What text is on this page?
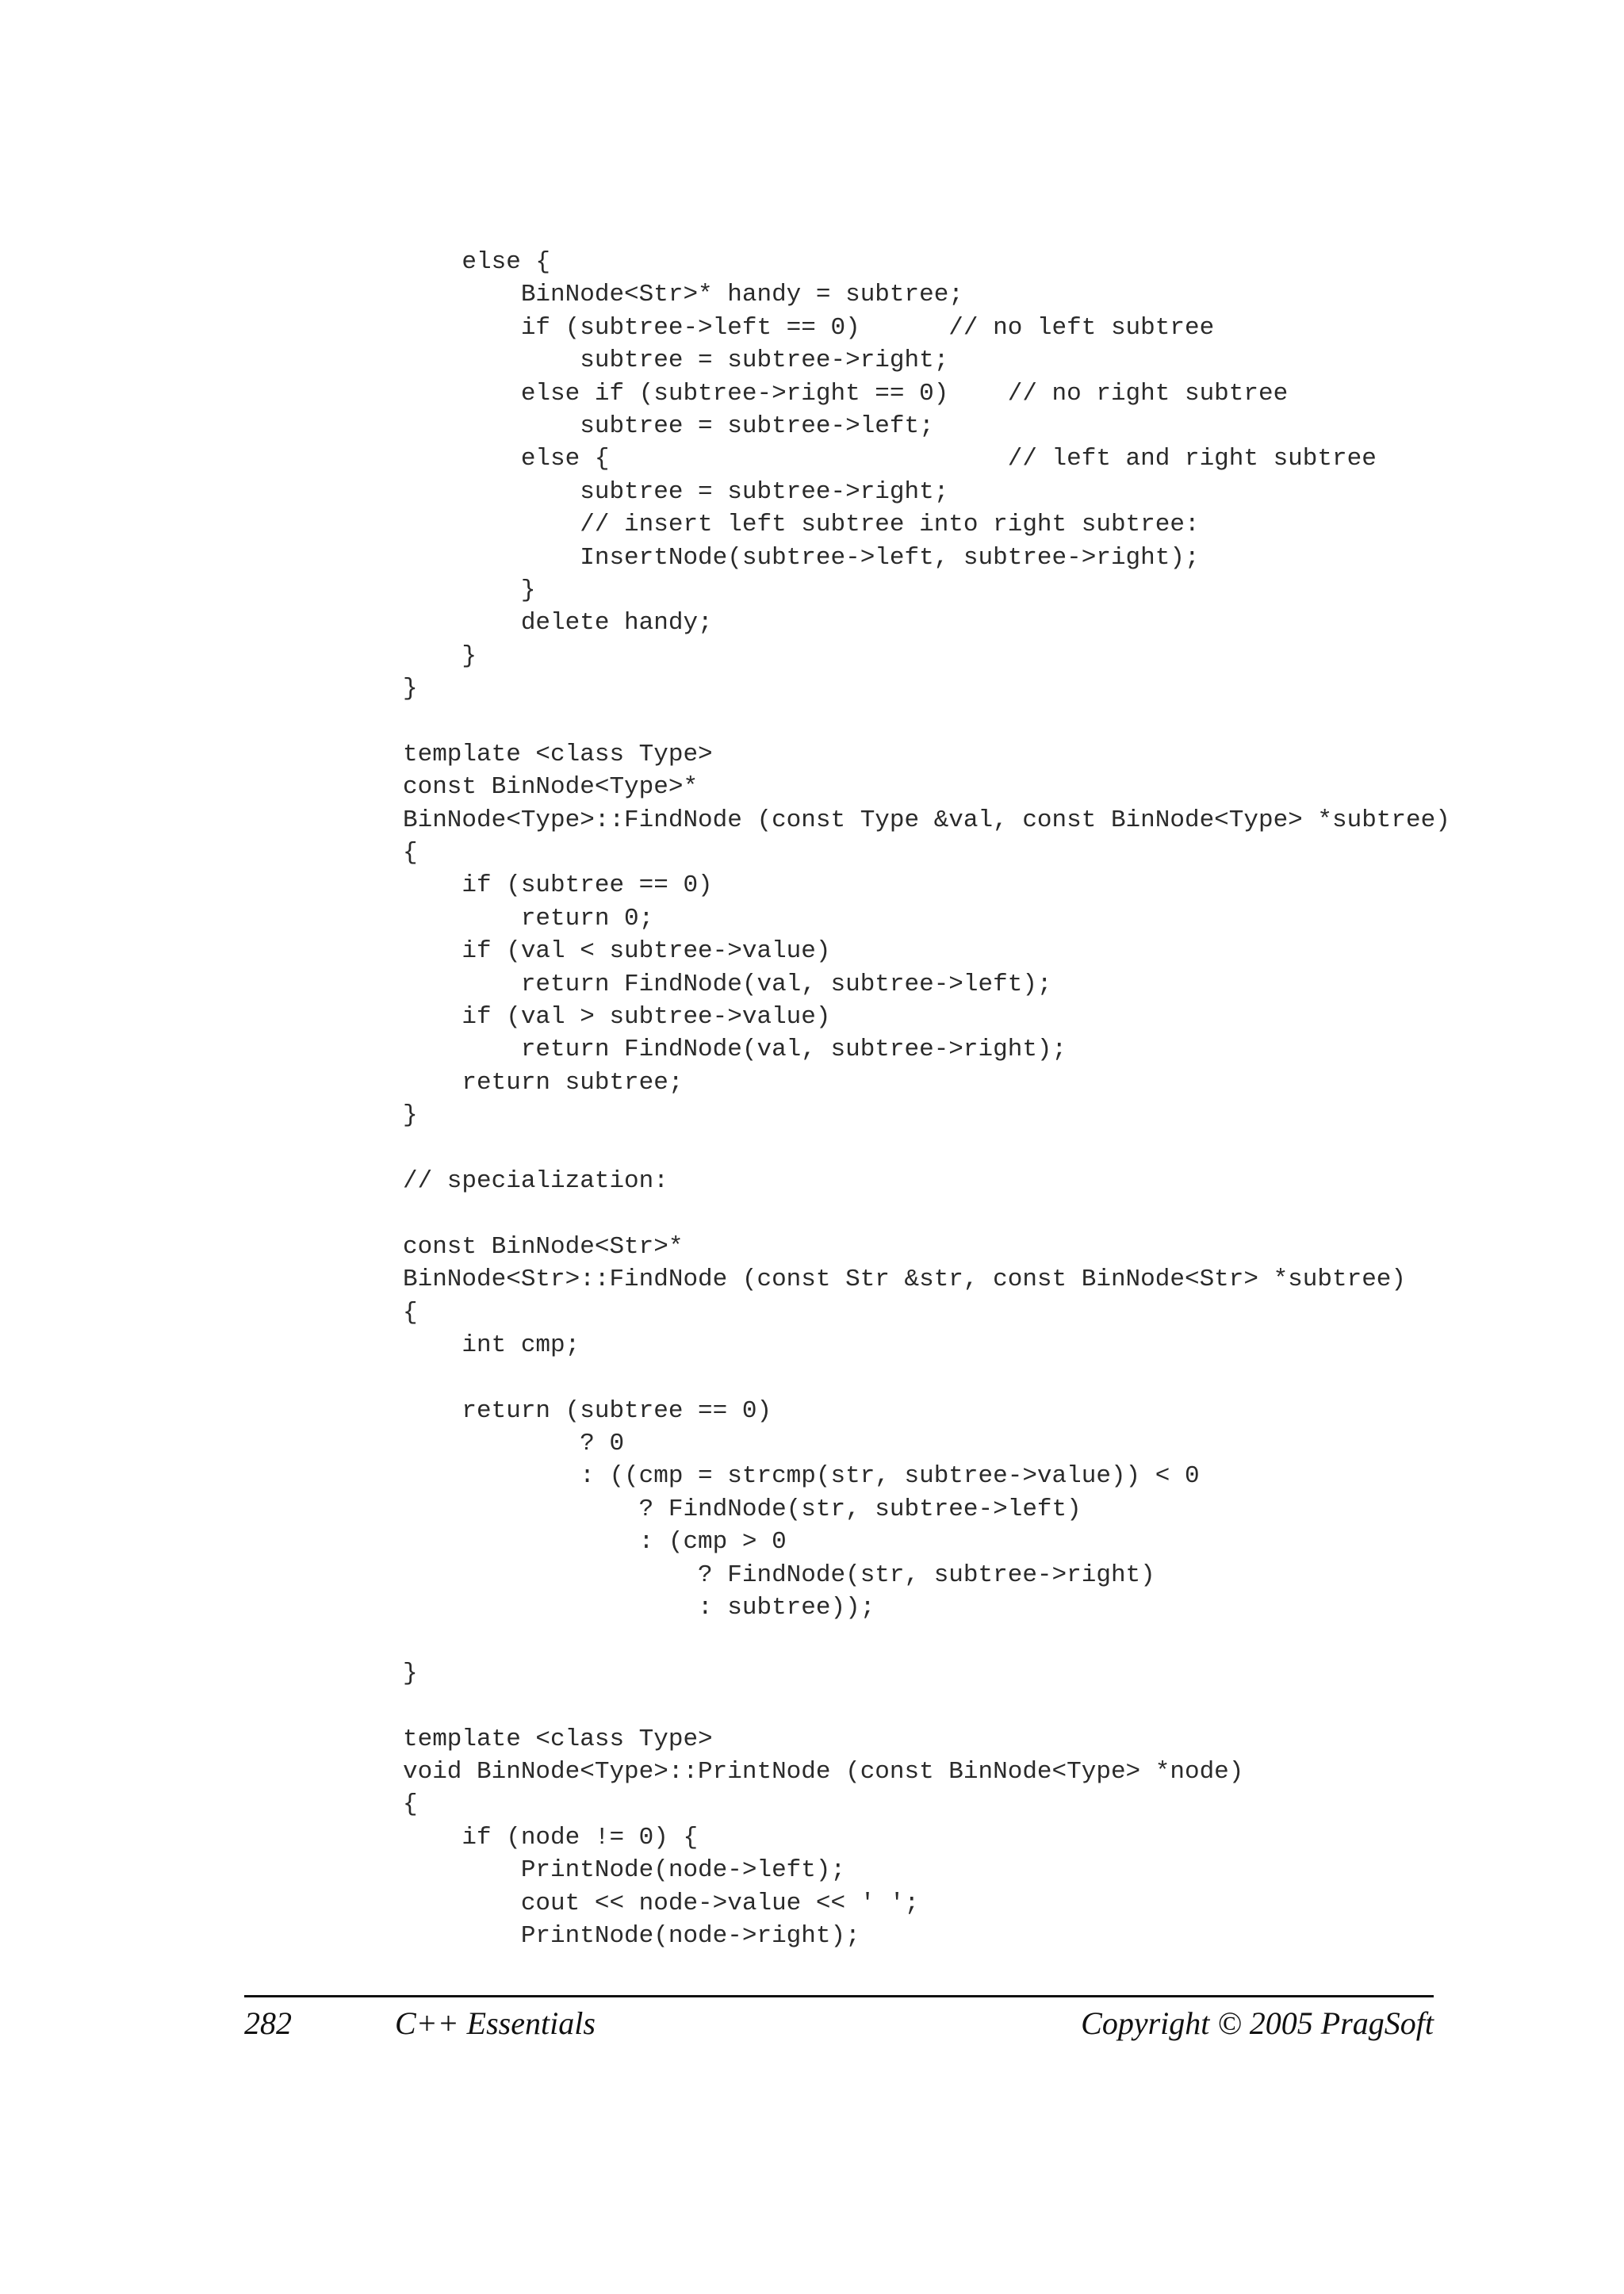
else {
BinNode<Str>* handy = subtree;
if (subtree->left == 0)      // no left subtree
subtree = subtree->right;
else if (subtree->right == 0)    // no right subtree
subtree = subtree->left;
else {                           // left and right subtree
subtree = subtree->right;
// insert left subtree into right subtree:
InsertNode(subtree->left, subtree->right);
}
delete handy;
}
}
template <class Type>
const BinNode<Type>*
BinNode<Type>::FindNode (const Type &val, const BinNode<Type> *subtree)
{
if (subtree == 0)
return 0;
if (val < subtree->value)
return FindNode(val, subtree->left);
if (val > subtree->value)
return FindNode(val, subtree->right);
return subtree;
}
// specialization:
const BinNode<Str>*
BinNode<Str>::FindNode (const Str &str, const BinNode<Str> *subtree)
{
int cmp;
return (subtree == 0)
? 0
: ((cmp = strcmp(str, subtree->value)) < 0
? FindNode(str, subtree->left)
: (cmp > 0
? FindNode(str, subtree->right)
: subtree));
}
template <class Type>
void BinNode<Type>::PrintNode (const BinNode<Type> *node)
{
if (node != 0) {
PrintNode(node->left);
cout << node->value << ' ';
PrintNode(node->right);
282	C++ Essentials	Copyright © 2005 PragSoft
